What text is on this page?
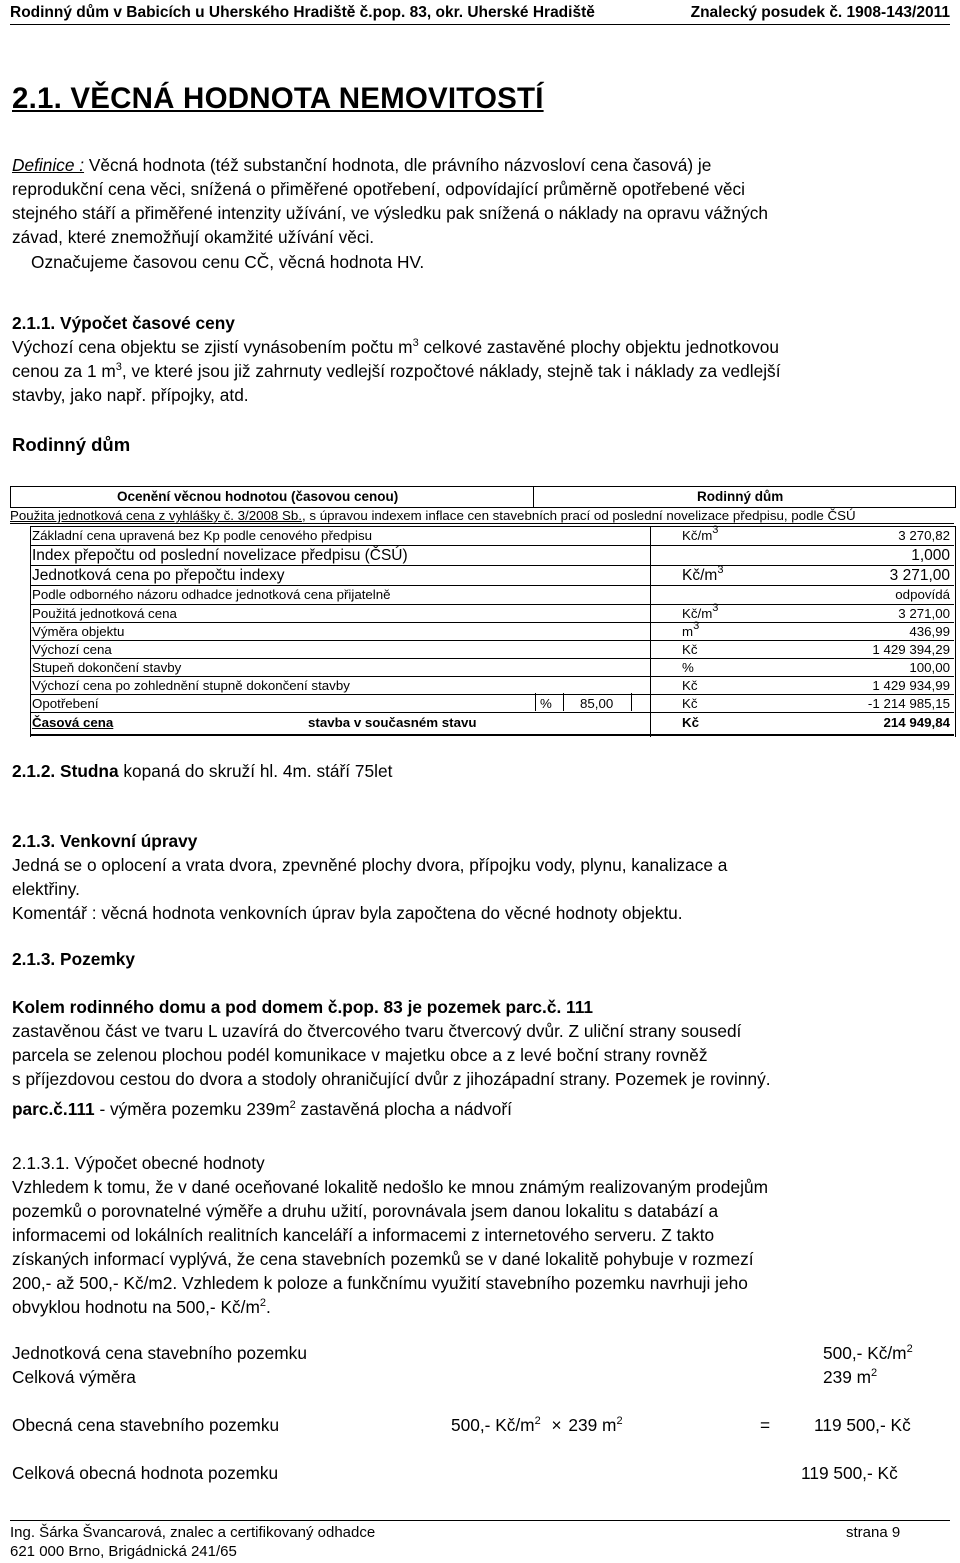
Rodinný dům v Babicích u Uherského Hradiště č.pop. 83, okr. Uherské Hradiště	Znalecký posudek č. 1908-143/2011
2.1. VĚCNÁ HODNOTA NEMOVITOSTÍ
Definice : Věcná hodnota (též substanční hodnota, dle právního názvosloví cena časová) je
reprodukční cena věci, snížená o přiměřené opotřebení, odpovídající průměrně opotřebené věci
stejného stáří a přiměřené intenzity užívání, ve výsledku pak snížená o náklady na opravu vážných
závad, které znemožňují okamžité užívání věci.
Označujeme časovou cenu CČ, věcná hodnota HV.
2.1.1. Výpočet časové ceny
Výchozí cena objektu se zjistí vynásobením počtu $m^3$ celkové zastavěné plochy objektu jednotkovou
cenou za 1 $m^3$, ve které jsou již zahrnuty vedlejší rozpočtové náklady, stejně tak i náklady za vedlejší
stavby, jako např. přípojky, atd.
Rodinný dům
Ocenění věcnou hodnotou (časovou cenou)	Rodinný dům
Použita jednotková cena z vyhlášky č. 3/2008 Sb., s úpravou indexem inflace cen stavebních prací od poslední novelizace předpisu, podle ČSÚ
Základní cena upravená bez Kp podle cenového předpisu	$Kč/m^3$	3 270,82
Index přepočtu od poslední novelizace předpisu (ČSÚ)	1,000
Jednotková cena po přepočtu indexy	$Kč/m^3$	3 271,00
Podle odborného názoru odhadce jednotková cena přijatelně	odpovídá
Použitá jednotková cena	$Kč/m^3$	3 271,00
Výměra objektu	$m^3$	436,99
Výchozí cena	Kč	1 429 394,29
Stupeň dokončení stavby	%	100,00
Výchozí cena po zohlednění stupně dokončení stavby	Kč	1 429 934,99
Opotřebení	% 85,00	Kč	-1 214 985,15
Časová cena	stavba v současném stavu	Kč	214 949,84
2.1.2. Studna kopaná do skruží hl. 4m. stáří 75let
2.1.3. Venkovní úpravy
Jedná se o oplocení a vrata dvora, zpevněné plochy dvora, přípojku vody, plynu, kanalizace a
elektřiny.
Komentář : věcná hodnota venkovních úprav byla započtena do věcné hodnoty objektu.
2.1.3. Pozemky
Kolem rodinného domu a pod domem č.pop. 83 je pozemek parc.č. 111
zastavěnou část ve tvaru L uzavírá do čtvercového tvaru čtvercový dvůr. Z uliční strany sousedí
parcela se zelenou plochou podél komunikace v majetku obce a z levé boční strany rovněž
s příjezdovou cestou do dvora a stodoly ohraničující dvůr z jihozápadní strany. Pozemek je rovinný.
parc.č.111 - výměra pozemku $239m^2$ zastavěná plocha a nádvoří
2.1.3.1. Výpočet obecné hodnoty
Vzhledem k tomu, že v dané oceňované lokalitě nedošlo ke mnou známým realizovaným prodejům
pozemků o porovnatelné výměře a druhu užití, porovnávala jsem danou lokalitu s databází a
informacemi od lokálních realitních kanceláří a informacemi z internetového serveru. Z takto
získaných informací vyplývá, že cena stavebních pozemků se v dané lokalitě pohybuje v rozmezí
200,- až 500,- Kč/m2. Vzhledem k poloze a funkčnímu využití stavebního pozemku navrhuji jeho
obvyklou hodnotu na 500,- $Kč/m^2$.
Jednotková cena stavebního pozemku	500,- $Kč/m^2$
Celková výměra	239 $m^2$
Obecná cena stavebního pozemku	500,- $Kč/m^2 \times 239$ $m^2$	=	119 500,- Kč
Celková obecná hodnota pozemku	119 500,- Kč
Ing. Šárka Švancarová, znalec a certifikovaný odhadce
621 000 Brno, Brigádnická 241/65
strana 9
